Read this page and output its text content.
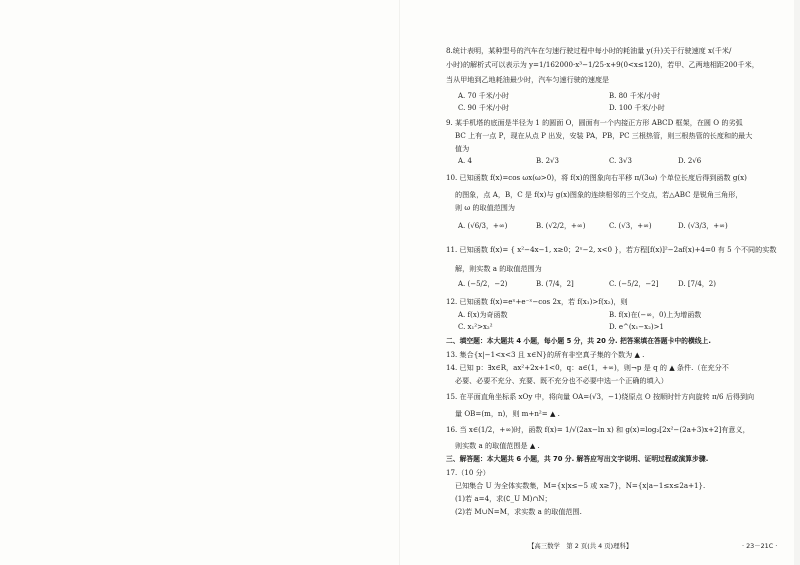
8.统计表明，某种型号的汽车在匀速行驶过程中每小时的耗油量 y(升)关于行驶速度 x(千米/
小时)的解析式可以表示为 y=1/162000·x³−1/25·x+9(0<x≤120)，若甲、乙两地相距200千米，
当从甲地到乙地耗油最少时，汽车匀速行驶的速度是
A. 70 千米/小时	B. 80 千米/小时
C. 90 千米/小时	D. 100 千米/小时
9. 某手机塔的底面是半径为 1 的圆面 O，圆面有一个内接正方形 ABCD 框架，在圆 O 的劣弧
BC 上有一点 P，现在从点 P 出发，安装 PA，PB，PC 三根热管，则三根热管的长度和的最大
值为
A. 4	B. 2√3	C. 3√3	D. 2√6
10. 已知函数 f(x)=cos ωx(ω>0)，将 f(x)的图象向右平移 π/(3ω) 个单位长度后得到函数 g(x)
的图象，点 A，B，C 是 f(x)与 g(x)图象的连续相邻的三个交点，若△ABC 是锐角三角形，
则 ω 的取值范围为
A. (√6/3，+∞)	B. (√2/2，+∞)	C. (√3，+∞)	D. (√3/3，+∞)
11. 已知函数 f(x)= { x²−4x−1, x≥0；2ˣ−2, x<0 }，若方程[f(x)]²−2af(x)+4=0 有 5 个不同的实数
解，则实数 a 的取值范围为
A. (−5/2，−2)	B. (7/4，2]	C. (−5/2，−2]	D. [7/4，2)
12. 已知函数 f(x)=eˣ+e⁻ˣ−cos 2x，若 f(x₁)>f(x₂)，则
A. f(x)为奇函数	B. f(x)在(−∞，0)上为增函数
C. x₁²>x₂²	D. e^(x₁−x₂)>1
二、填空题：本大题共 4 小题，每小题 5 分，共 20 分. 把答案填在答题卡中的横线上.
13. 集合{x|−1<x<3 且 x∈N}的所有非空真子集的个数为 ▲ .
14. 已知 p：∃x∈R，ax²+2x+1<0，q：a∈(1，+∞)，则¬p 是 q 的 ▲ 条件.（在充分不
必要、必要不充分、充要、既不充分也不必要中选一个正确的填入）
15. 在平面直角坐标系 xOy 中，将向量 OA=(√3，−1)绕原点 O 按顺时针方向旋转 π/6 后得到向
量 OB=(m，n)，则 m+n²= ▲ .
16. 当 x∈(1/2，+∞)时，函数 f(x)= 1/√(2ax−ln x) 和 g(x)=log₂[2x²−(2a+3)x+2]有意义，
则实数 a 的取值范围是 ▲ .
三、解答题：本大题共 6 小题，共 70 分. 解答应写出文字说明、证明过程或演算步骤.
17.（10 分）
已知集合 U 为全体实数集，M={x|x≤−5 或 x≥7}，N={x|a−1≤x≤2a+1}.
(1)若 a=4，求(∁_U M)∩N；
(2)若 M∪N=M，求实数 a 的取值范围.
【高三数学　第 2 页(共 4 页)理科】	· 23－21C ·
